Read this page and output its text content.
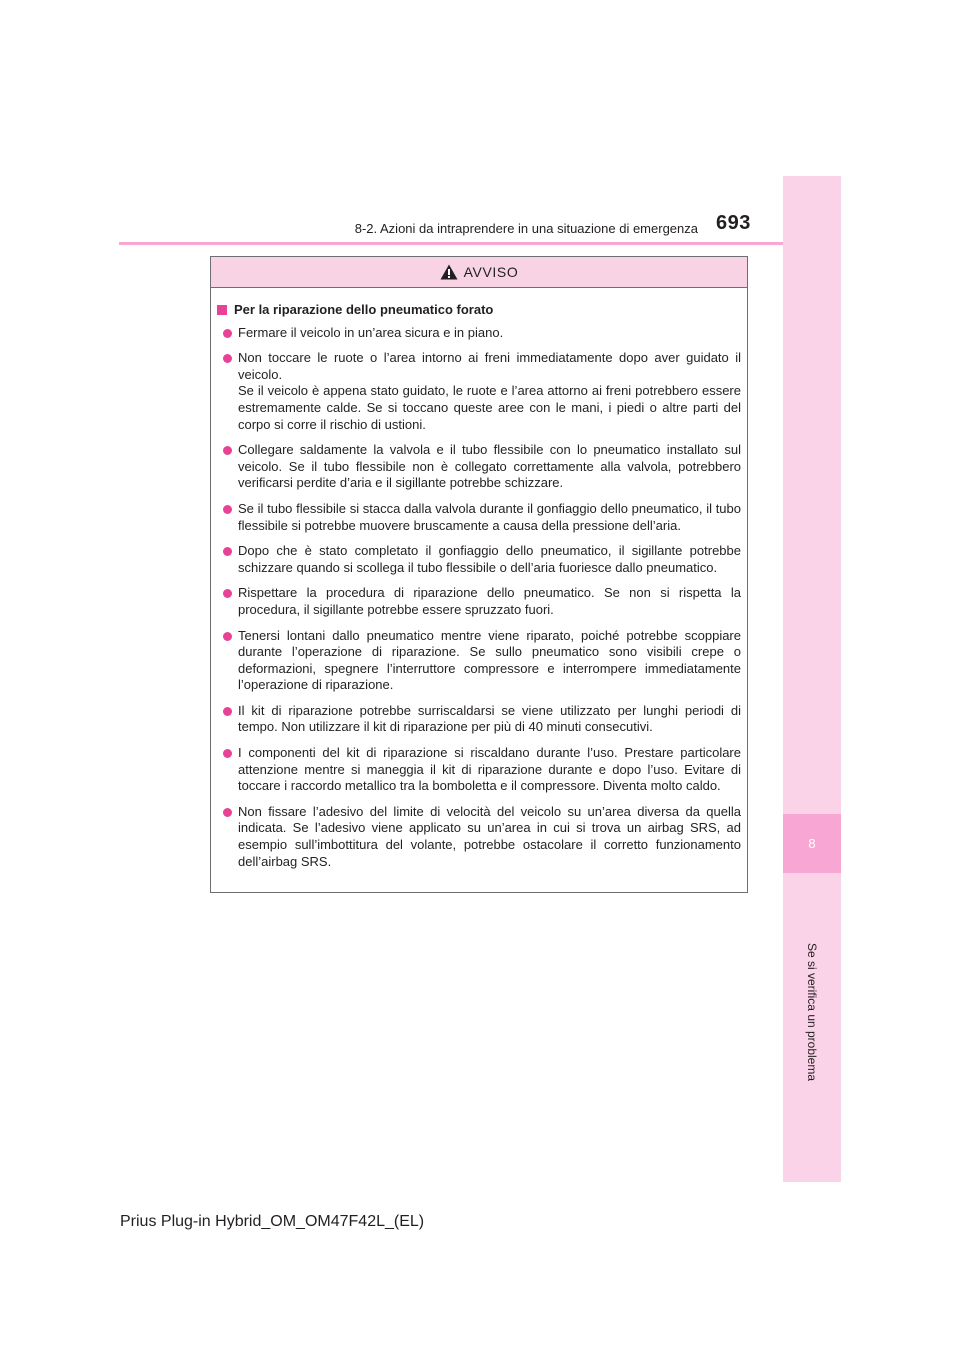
8
Se si verifica un problema
8-2. Azioni da intraprendere in una situazione di emergenza 693
AVVISO
Per la riparazione dello pneumatico forato
Fermare il veicolo in un’area sicura e in piano.
Non toccare le ruote o l’area intorno ai freni immediatamente dopo aver guidato il veicolo.
Se il veicolo è appena stato guidato, le ruote e l’area attorno ai freni potrebbero essere estremamente calde. Se si toccano queste aree con le mani, i piedi o altre parti del corpo si corre il rischio di ustioni.
Collegare saldamente la valvola e il tubo flessibile con lo pneumatico installato sul veicolo. Se il tubo flessibile non è collegato correttamente alla valvola, potrebbero verificarsi perdite d’aria e il sigillante potrebbe schizzare.
Se il tubo flessibile si stacca dalla valvola durante il gonfiaggio dello pneumatico, il tubo flessibile si potrebbe muovere bruscamente a causa della pressione dell’aria.
Dopo che è stato completato il gonfiaggio dello pneumatico, il sigillante potrebbe schizzare quando si scollega il tubo flessibile o dell’aria fuoriesce dallo pneumatico.
Rispettare la procedura di riparazione dello pneumatico. Se non si rispetta la procedura, il sigillante potrebbe essere spruzzato fuori.
Tenersi lontani dallo pneumatico mentre viene riparato, poiché potrebbe scoppiare durante l’operazione di riparazione. Se sullo pneumatico sono visibili crepe o deformazioni, spegnere l’interruttore compressore e interrompere immediatamente l’operazione di riparazione.
Il kit di riparazione potrebbe surriscaldarsi se viene utilizzato per lunghi periodi di tempo. Non utilizzare il kit di riparazione per più di 40 minuti consecutivi.
I componenti del kit di riparazione si riscaldano durante l’uso. Prestare particolare attenzione mentre si maneggia il kit di riparazione durante e dopo l’uso. Evitare di toccare i raccordo metallico tra la bomboletta e il compressore. Diventa molto caldo.
Non fissare l’adesivo del limite di velocità del veicolo su un’area diversa da quella indicata. Se l’adesivo viene applicato su un’area in cui si trova un airbag SRS, ad esempio sull’imbottitura del volante, potrebbe ostacolare il corretto funzionamento dell’airbag SRS.
Prius Plug-in Hybrid_OM_OM47F42L_(EL)
